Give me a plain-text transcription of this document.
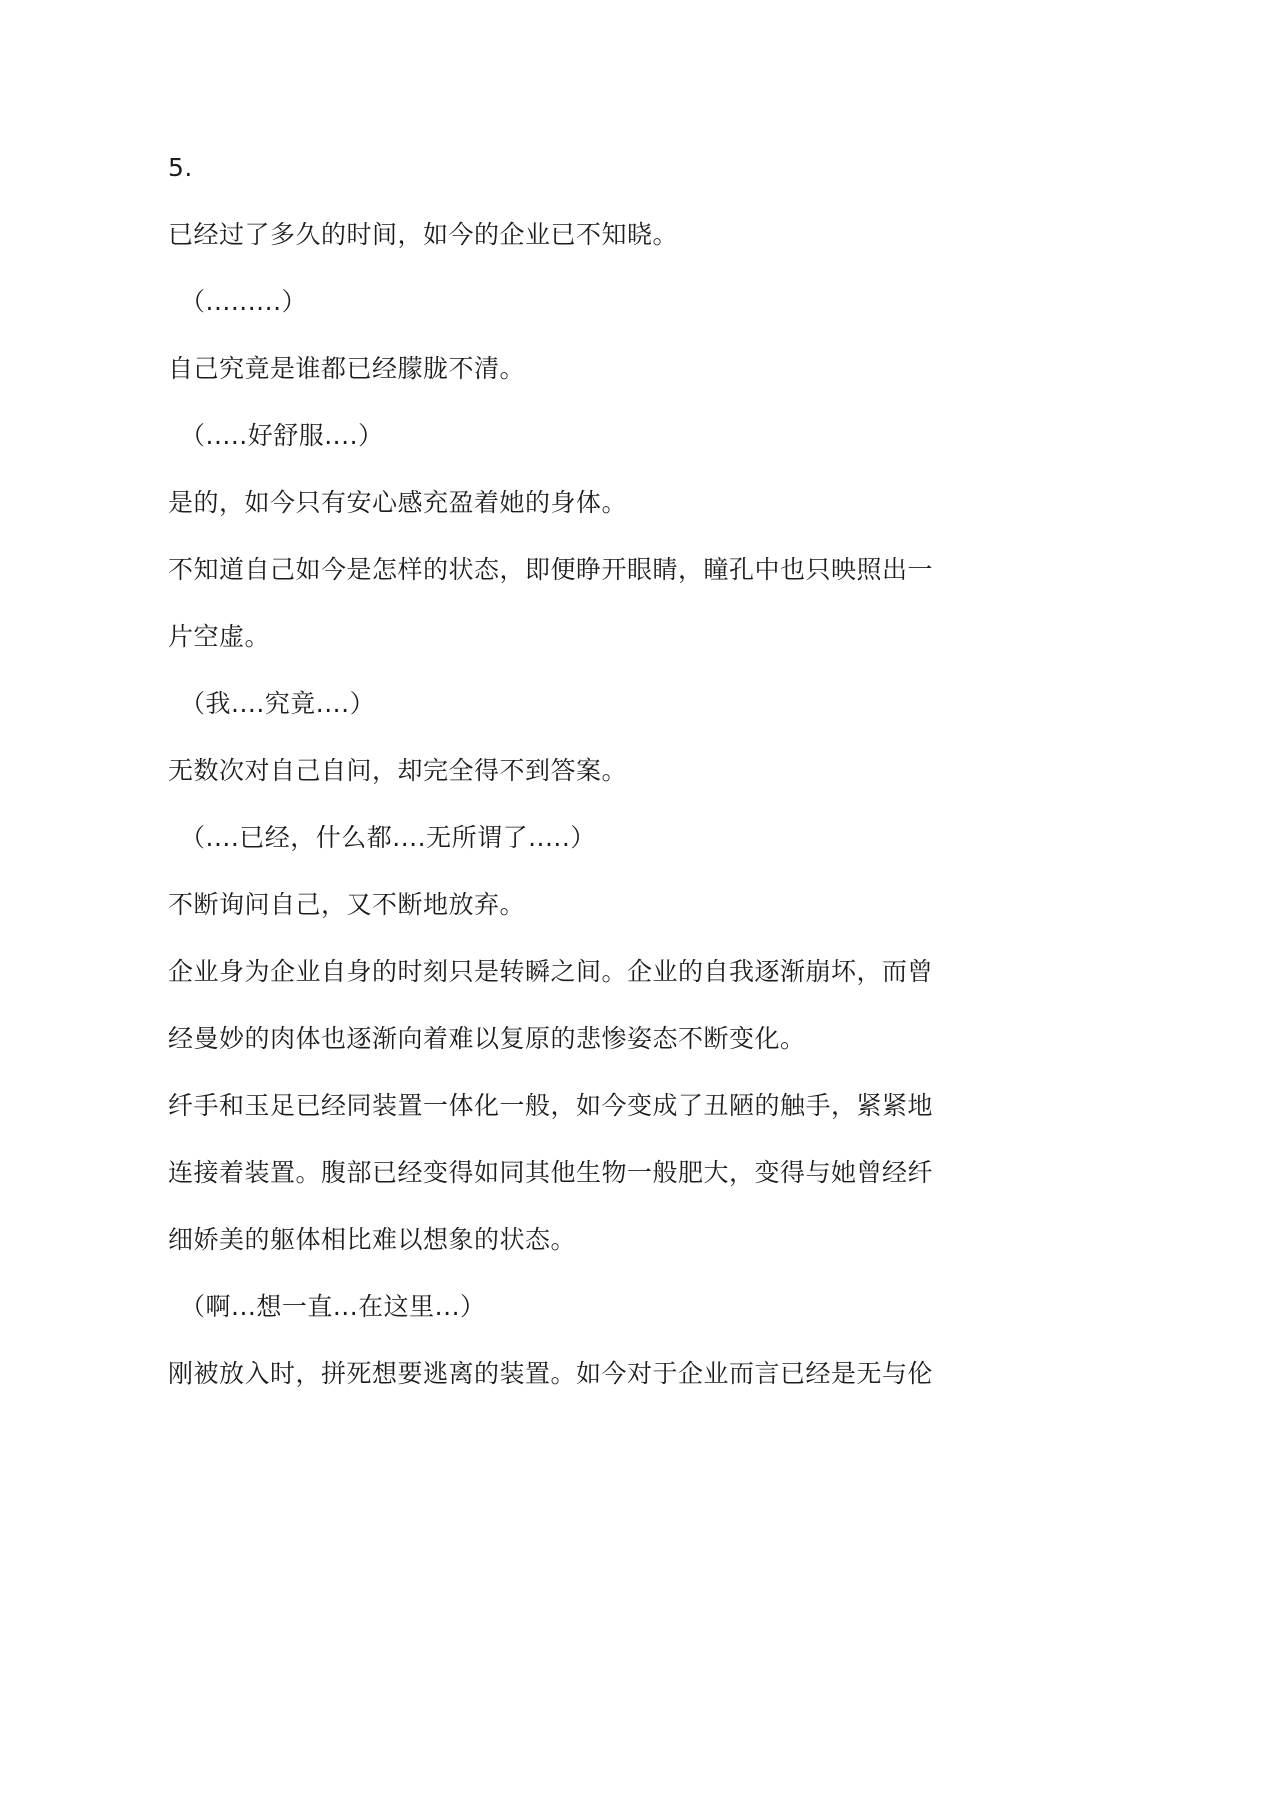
5.
已经过了多久的时间，如今的企业已不知晓。
（.........）
自己究竟是谁都已经朦胧不清。
（.....好舒服....）
是的，如今只有安心感充盈着她的身体。
不知道自己如今是怎样的状态，即便睁开眼睛，瞳孔中也只映照出一
片空虚。
（我....究竟....）
无数次对自己自问，却完全得不到答案。
（....已经，什么都....无所谓了.....）
不断询问自己，又不断地放弃。
企业身为企业自身的时刻只是转瞬之间。企业的自我逐渐崩坏，而曾
经曼妙的肉体也逐渐向着难以复原的悲惨姿态不断变化。
纤手和玉足已经同装置一体化一般，如今变成了丑陋的触手，紧紧地
连接着装置。腹部已经变得如同其他生物一般肥大，变得与她曾经纤
细娇美的躯体相比难以想象的状态。
（啊...想一直...在这里...）
刚被放入时，拼死想要逃离的装置。如今对于企业而言已经是无与伦
